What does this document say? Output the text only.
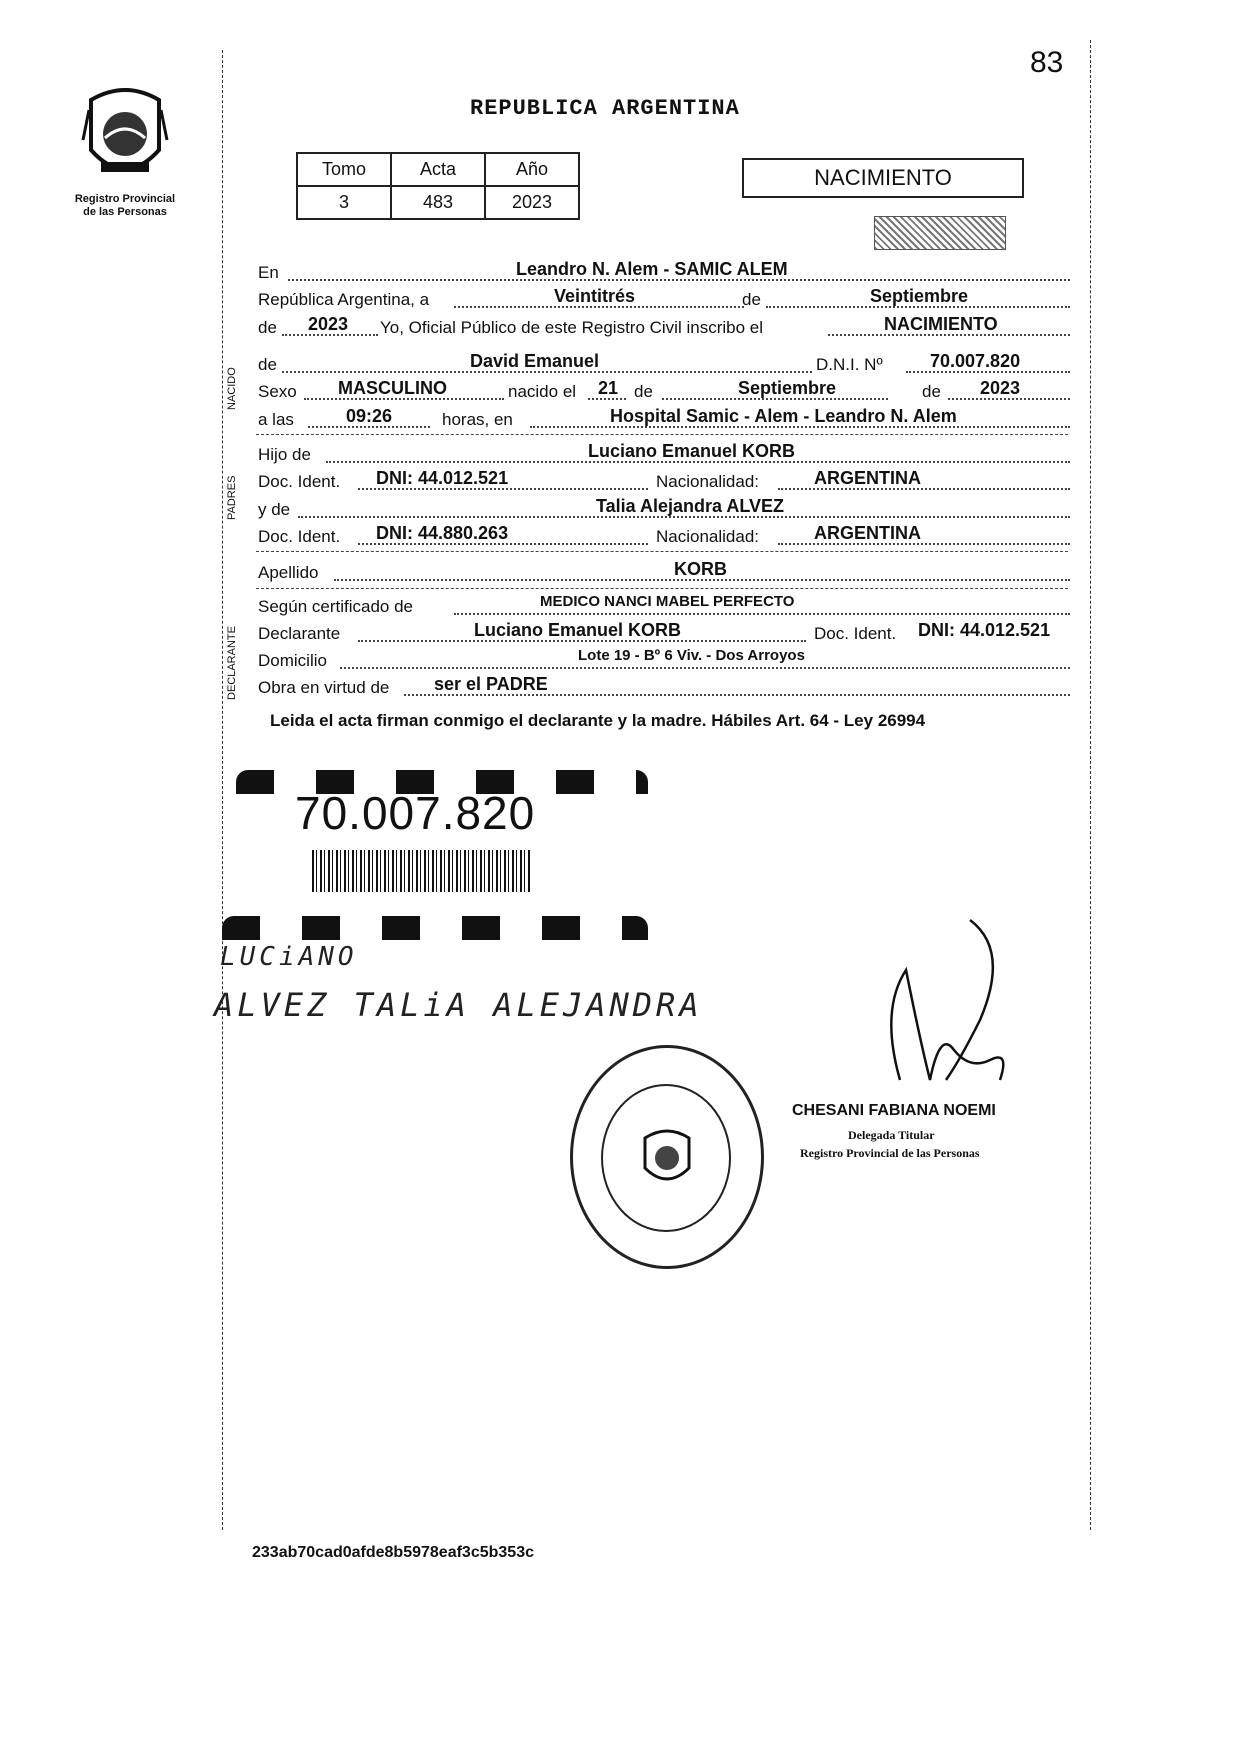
83
Registro Provincial
de las Personas
REPUBLICA ARGENTINA
Tomo	Acta	Año
3	483	2023
NACIMIENTO
En	Leandro N. Alem - SAMIC ALEM
República Argentina, a	Veintitrés	de	Septiembre
de 2023 Yo, Oficial Público de este Registro Civil inscribo el	NACIMIENTO
NACIDO
de	David Emanuel	D.N.I. Nº	70.007.820
Sexo MASCULINO	nacido el 21 de	Septiembre	de 2023
a las	09:26	horas, en	Hospital Samic - Alem - Leandro N. Alem
PADRES
Hijo de	Luciano Emanuel KORB
Doc. Ident. DNI: 44.012.521	Nacionalidad:	ARGENTINA
y de	Talia Alejandra ALVEZ
Doc. Ident. DNI: 44.880.263	Nacionalidad:	ARGENTINA
Apellido	KORB
DECLARANTE
Según certificado de	MEDICO NANCI MABEL PERFECTO
Declarante	Luciano Emanuel KORB	Doc. Ident. DNI: 44.012.521
Domicilio	Lote 19 - Bº 6 Viv. - Dos Arroyos
Obra en virtud de ser el PADRE
Leida el acta firman conmigo el declarante y la madre. Hábiles Art. 64 - Ley 26994
70.007.820
LUCiANO
ALVEZ TALiA ALEJANDRA
CHESANI FABIANA NOEMI
Delegada Titular
Registro Provincial de las Personas
233ab70cad0afde8b5978eaf3c5b353c
